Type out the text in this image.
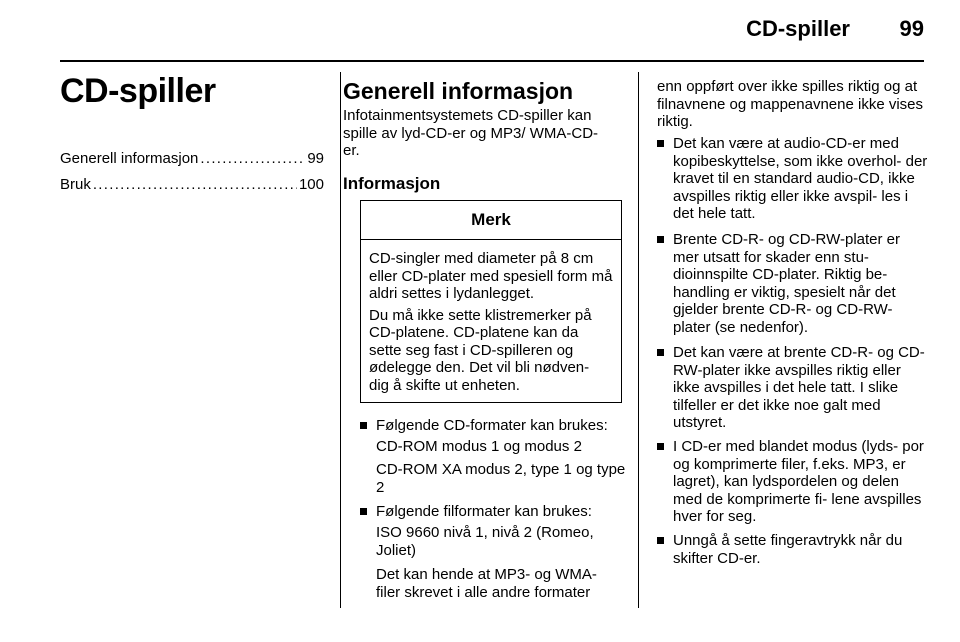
CD-spiller	99
CD-spiller
Generell informasjon .....	99
Bruk .....	100
Generell informasjon
Infotainmentsystemets CD-spiller kan spille av lyd-CD-er og MP3/ WMA-CD-er.
Informasjon
Merk
CD-singler med diameter på 8 cm eller CD-plater med spesiell form må aldri settes i lydanlegget.
Du må ikke sette klistremerker på CD-platene. CD-platene kan da sette seg fast i CD-spilleren og ødelegge den. Det vil bli nødven- dig å skifte ut enheten.
Følgende CD-formater kan brukes:
CD-ROM modus 1 og modus 2
CD-ROM XA modus 2, type 1 og type 2
Følgende filformater kan brukes:
ISO 9660 nivå 1, nivå 2 (Romeo, Joliet)
Det kan hende at MP3- og WMA-filer skrevet i alle andre formater
enn oppført over ikke spilles riktig og at filnavnene og mappenavnene ikke vises riktig.
Det kan være at audio-CD-er med kopibeskyttelse, som ikke overhol- der kravet til en standard audio-CD, ikke avspilles riktig eller ikke avspil- les i det hele tatt.
Brente CD-R- og CD-RW-plater er mer utsatt for skader enn stu- dioinnspilte CD-plater. Riktig be- handling er viktig, spesielt når det gjelder brente CD-R- og CD-RW- plater (se nedenfor).
Det kan være at brente CD-R- og CD-RW-plater ikke avspilles riktig eller ikke avspilles i det hele tatt. I slike tilfeller er det ikke noe galt med utstyret.
I CD-er med blandet modus (lyds- por og komprimerte filer, f.eks. MP3, er lagret), kan lydspordelen og delen med de komprimerte fi- lene avspilles hver for seg.
Unngå å sette fingeravtrykk når du skifter CD-er.
